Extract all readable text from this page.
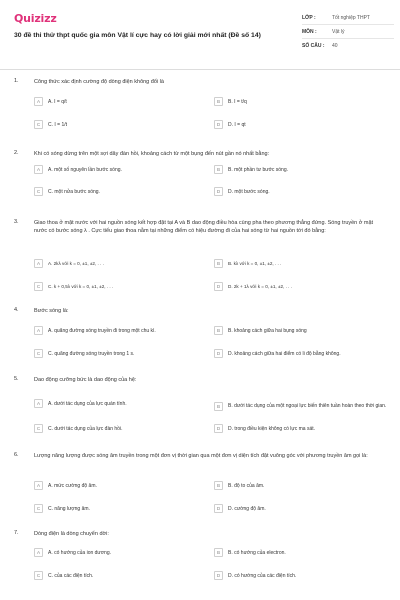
Quizizz
30 đề thi thử thpt quốc gia môn Vật lí cực hay có lời giải mới nhất (Đề số 14)
LỚP :	Tốt nghiệp THPT
MÔN :	Vật lý
SỐ CÂU :	40
1.	Công thức xác định cường độ dòng điện không đổi là
A	A. I = q/t	B	B. I = t/q
C	C. I = 1/t	D	D. I = qt
2.	Khi có sóng dừng trên một sợi dây đàn hồi, khoảng cách từ một bụng đến nút gần nó nhất bằng:
A	A. một số nguyên lần bước sóng.	B	B. một phần tư bước sóng.
C	C. một nửa bước sóng.	D	D. một bước sóng.
3.	Giao thoa ở mặt nước với hai nguồn sóng kết hợp đặt tại A và B dao động điều hòa cùng pha theo phương thẳng đứng. Sóng truyền ở mặt nước có bước sóng λ . Cực tiểu giao thoa nằm tại những điểm có hiệu đường đi của hai sóng từ hai nguồn tới đó bằng:
A	A. 2kλ với k = 0, ±1, ±2, . . .	B	B. kλ với k = 0, ±1, ±2, . . .
C	C. k + 0,5λ với k = 0, ±1, ±2, . . .	D	D. 2k + 1λ với k = 0, ±1, ±2, . . .
4.	Bước sóng là:
A	A. quãng đường sóng truyền đi trong một chu kì.	B	B. khoảng cách giữa hai bụng sóng
C	C. quãng đường sóng truyền trong 1 s.	D	D. khoảng cách giữa hai điểm có li độ bằng không.
5.	Dao động cưỡng bức là dao động của hệ:
A	A. dưới tác dụng của lực quán tính.	B	B. dưới tác dụng của một ngoại lực biến thiên tuần hoàn theo thời gian.
C	C. dưới tác dụng của lực đàn hồi.	D	D. trong điều kiện không có lực ma sát.
6.	Lượng năng lượng được sóng âm truyền trong một đơn vị thời gian qua một đơn vị diện tích đặt vuông góc với phương truyền âm gọi là:
A	A. mức cường độ âm.	B	B. độ to của âm.
C	C. năng lượng âm.	D	D. cường độ âm.
7.	Dòng điện là dòng chuyển dời:
A	A. có hướng của ion dương.	B	B. có hướng của electron.
C	C. của các điện tích.	D	D. có hướng của các điện tích.
